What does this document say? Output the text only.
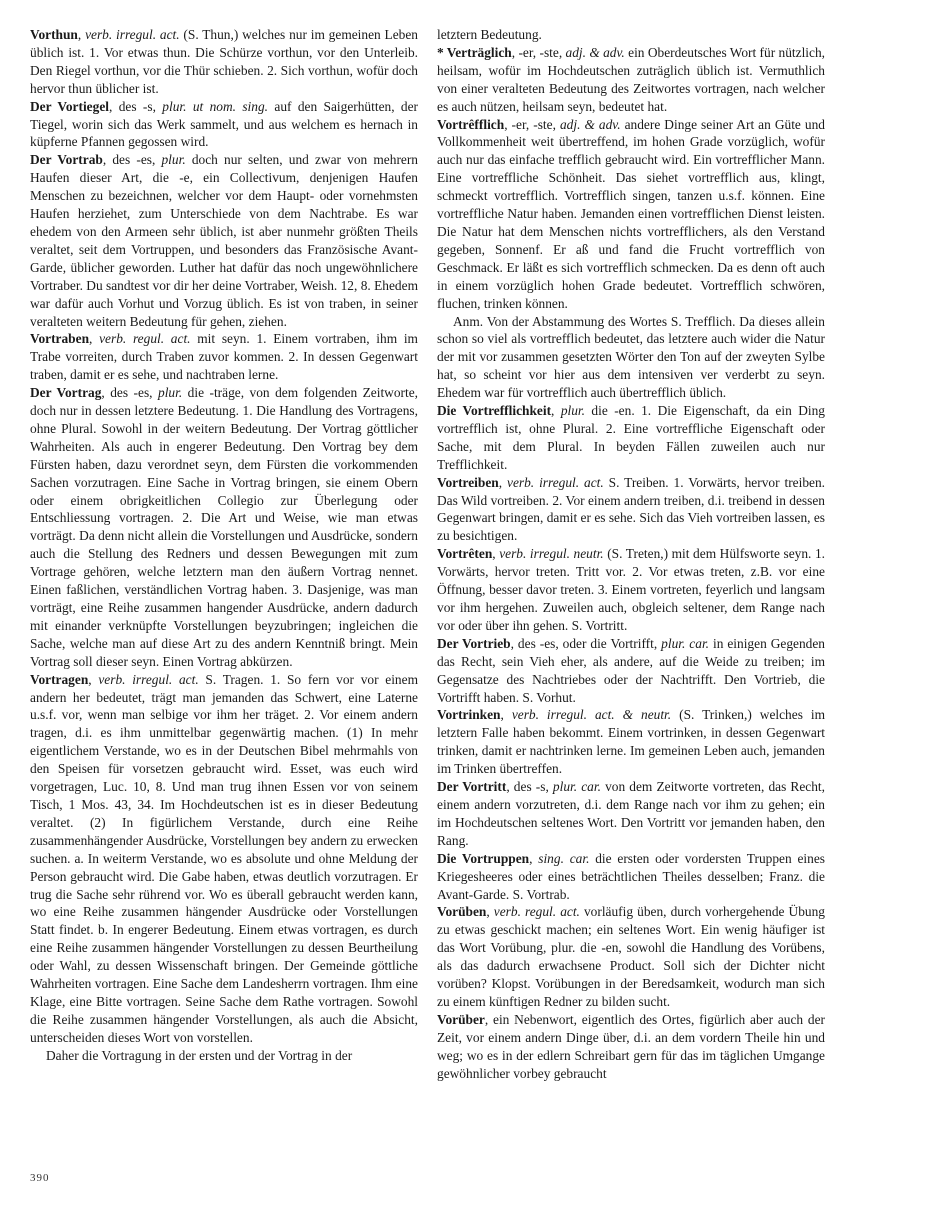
Vorthun, verb. irregul. act. (S. Thun,) welches nur im gemeinen Leben üblich ist. 1. Vor etwas thun. Die Schürze vorthun, vor den Unterleib. Den Riegel vorthun, vor die Thür schieben. 2. Sich vorthun, wofür doch hervor thun üblicher ist.

Der Vortiegel, des -s, plur. ut nom. sing. auf den Saigerhütten, der Tiegel, worin sich das Werk sammelt, und aus welchem es hernach in küpferne Pfannen gegossen wird.

Der Vortrab, des -es, plur. doch nur selten, und zwar von mehrern Haufen dieser Art, die -e, ein Collectivum, denjenigen Haufen Menschen zu bezeichnen, welcher vor dem Haupt- oder vornehmsten Haufen herziehet, zum Unterschiede von dem Nachtrabe. Es war ehedem von den Armeen sehr üblich, ist aber nunmehr größten Theils veraltet, seit dem Vortruppen, und besonders das Französische Avant-Garde, üblicher geworden. Luther hat dafür das noch ungewöhnlichere Vortraber. Du sandtest vor dir her deine Vortraber, Weish. 12, 8. Ehedem war dafür auch Vorhut und Vorzug üblich. Es ist von traben, in seiner veralteten weitern Bedeutung für gehen, ziehen.

Vortraben, verb. regul. act. mit seyn. 1. Einem vortraben, ihm im Trabe vorreiten, durch Traben zuvor kommen. 2. In dessen Gegenwart traben, damit er es sehe, und nachtraben lerne.

Der Vortrag, des -es, plur. die -träge, von dem folgenden Zeitworte, doch nur in dessen letztere Bedeutung. 1. Die Handlung des Vortragens, ohne Plural. Sowohl in der weitern Bedeutung. Der Vortrag göttlicher Wahrheiten. Als auch in engerer Bedeutung. Den Vortrag bey dem Fürsten haben, dazu verordnet seyn, dem Fürsten die vorkommenden Sachen vorzutragen. Eine Sache in Vortrag bringen, sie einem Obern oder einem obrigkeitlichen Collegio zur Überlegung oder Entschliessung vortragen. 2. Die Art und Weise, wie man etwas vorträgt. Da denn nicht allein die Vorstellungen und Ausdrücke, sondern auch die Stellung des Redners und dessen Bewegungen mit zum Vortrage gehören, welche letztern man den äußern Vortrag nennet. Einen faßlichen, verständlichen Vortrag haben. 3. Dasjenige, was man vorträgt, eine Reihe zusammen hangender Ausdrücke, andern dadurch mit einander verknüpfte Vorstellungen beyzubringen; ingleichen die Sache, welche man auf diese Art zu des andern Kenntniß bringt. Mein Vortrag soll dieser seyn. Einen Vortrag abkürzen.

Vortragen, verb. irregul. act. S. Tragen. 1. So fern vor vor einem andern her bedeutet, trägt man jemanden das Schwert, eine Laterne u.s.f. vor, wenn man selbige vor ihm her träget. 2. Vor einem andern tragen, d.i. es ihm unmittelbar gegenwärtig machen. (1) In mehr eigentlichem Verstande, wo es in der Deutschen Bibel mehrmahls von den Speisen für vorsetzen gebraucht wird. Esset, was euch wird vorgetragen, Luc. 10, 8. Und man trug ihnen Essen vor von seinem Tisch, 1 Mos. 43, 34. Im Hochdeutschen ist es in dieser Bedeutung veraltet. (2) In figürlichem Verstande, durch eine Reihe zusammenhängender Ausdrücke, Vorstellungen bey andern zu erwecken suchen. a. In weiterm Verstande, wo es absolute und ohne Meldung der Person gebraucht wird. Die Gabe haben, etwas deutlich vorzutragen. Er trug die Sache sehr rührend vor. Wo es überall gebraucht werden kann, wo eine Reihe zusammen hängender Ausdrücke oder Vorstellungen Statt findet. b. In engerer Bedeutung. Einem etwas vortragen, es durch eine Reihe zusammen hängender Vorstellungen zu dessen Beurtheilung oder Wahl, zu dessen Wissenschaft bringen. Der Gemeinde göttliche Wahrheiten vortragen. Eine Sache dem Landesherrn vortragen. Ihm eine Klage, eine Bitte vortragen. Seine Sache dem Rathe vortragen. Sowohl die Reihe zusammen hängender Vorstellungen, als auch die Absicht, unterscheiden dieses Wort von vorstellen.

Daher die Vortragung in der ersten und der Vortrag in der

letztern Bedeutung.

* Verträglich, -er, -ste, adj. & adv. ein Oberdeutsches Wort für nützlich, heilsam, wofür im Hochdeutschen zuträglich üblich ist. Vermuthlich von einer veralteten Bedeutung des Zeitwortes vortragen, nach welcher es auch nützen, heilsam seyn, bedeutet hat.

Vortrêfflich, -er, -ste, adj. & adv. andere Dinge seiner Art an Güte und Vollkommenheit weit übertreffend, im hohen Grade vorzüglich, wofür auch nur das einfache trefflich gebraucht wird. Ein vortrefflicher Mann. Eine vortreffliche Schönheit. Das siehet vortrefflich aus, klingt, schmeckt vortrefflich. Vortrefflich singen, tanzen u.s.f. können. Eine vortreffliche Natur haben. Jemanden einen vortrefflichen Dienst leisten. Die Natur hat dem Menschen nichts vortrefflichers, als den Verstand gegeben, Sonnenf. Er aß und fand die Frucht vortrefflich von Geschmack. Er läßt es sich vortrefflich schmecken. Da es denn oft auch in einem vorzüglich hohen Grade bedeutet. Vortrefflich schwören, fluchen, trinken können.

Anm. Von der Abstammung des Wortes S. Trefflich. Da dieses allein schon so viel als vortrefflich bedeutet, das letztere auch wider die Natur der mit vor zusammen gesetzten Wörter den Ton auf der zweyten Sylbe hat, so scheint vor hier aus dem intensiven ver verderbt zu seyn. Ehedem war für vortrefflich auch übertrefflich üblich.

Die Vortrefflichkeit, plur. die -en. 1. Die Eigenschaft, da ein Ding vortrefflich ist, ohne Plural. 2. Eine vortreffliche Eigenschaft oder Sache, mit dem Plural. In beyden Fällen zuweilen auch nur Trefflichkeit.

Vortreiben, verb. irregul. act. S. Treiben. 1. Vorwärts, hervor treiben. Das Wild vortreiben. 2. Vor einem andern treiben, d.i. treibend in dessen Gegenwart bringen, damit er es sehe. Sich das Vieh vortreiben lassen, es zu besichtigen.

Vortrêten, verb. irregul. neutr. (S. Treten,) mit dem Hülfsworte seyn. 1. Vorwärts, hervor treten. Tritt vor. 2. Vor etwas treten, z.B. vor eine Öffnung, besser davor treten. 3. Einem vortreten, feyerlich und langsam vor ihm hergehen. Zuweilen auch, obgleich seltener, dem Range nach vor oder über ihn gehen. S. Vortritt.

Der Vortrieb, des -es, oder die Vortrifft, plur. car. in einigen Gegenden das Recht, sein Vieh eher, als andere, auf die Weide zu treiben; im Gegensatze des Nachtriebes oder der Nachtrifft. Den Vortrieb, die Vortrifft haben. S. Vorhut.

Vortrinken, verb. irregul. act. & neutr. (S. Trinken,) welches im letztern Falle haben bekommt. Einem vortrinken, in dessen Gegenwart trinken, damit er nachtrinken lerne. Im gemeinen Leben auch, jemanden im Trinken übertreffen.

Der Vortritt, des -s, plur. car. von dem Zeitworte vortreten, das Recht, einem andern vorzutreten, d.i. dem Range nach vor ihm zu gehen; ein im Hochdeutschen seltenes Wort. Den Vortritt vor jemanden haben, den Rang.

Die Vortruppen, sing. car. die ersten oder vordersten Truppen eines Kriegesheeres oder eines beträchtlichen Theiles desselben; Franz. die Avant-Garde. S. Vortrab.

Vorüben, verb. regul. act. vorläufig üben, durch vorhergehende Übung zu etwas geschickt machen; ein seltenes Wort. Ein wenig häufiger ist das Wort Vorübung, plur. die -en, sowohl die Handlung des Vorübens, als das dadurch erwachsene Product. Soll sich der Dichter nicht vorüben? Klopst. Vorübungen in der Beredsamkeit, wodurch man sich zu einem künftigen Redner zu bilden sucht.

Vorüber, ein Nebenwort, eigentlich des Ortes, figürlich aber auch der Zeit, vor einem andern Dinge über, d.i. an dem vordern Theile hin und weg; wo es in der edlern Schreibart gern für das im täglichen Umgange gewöhnlicher vorbey gebraucht

390
